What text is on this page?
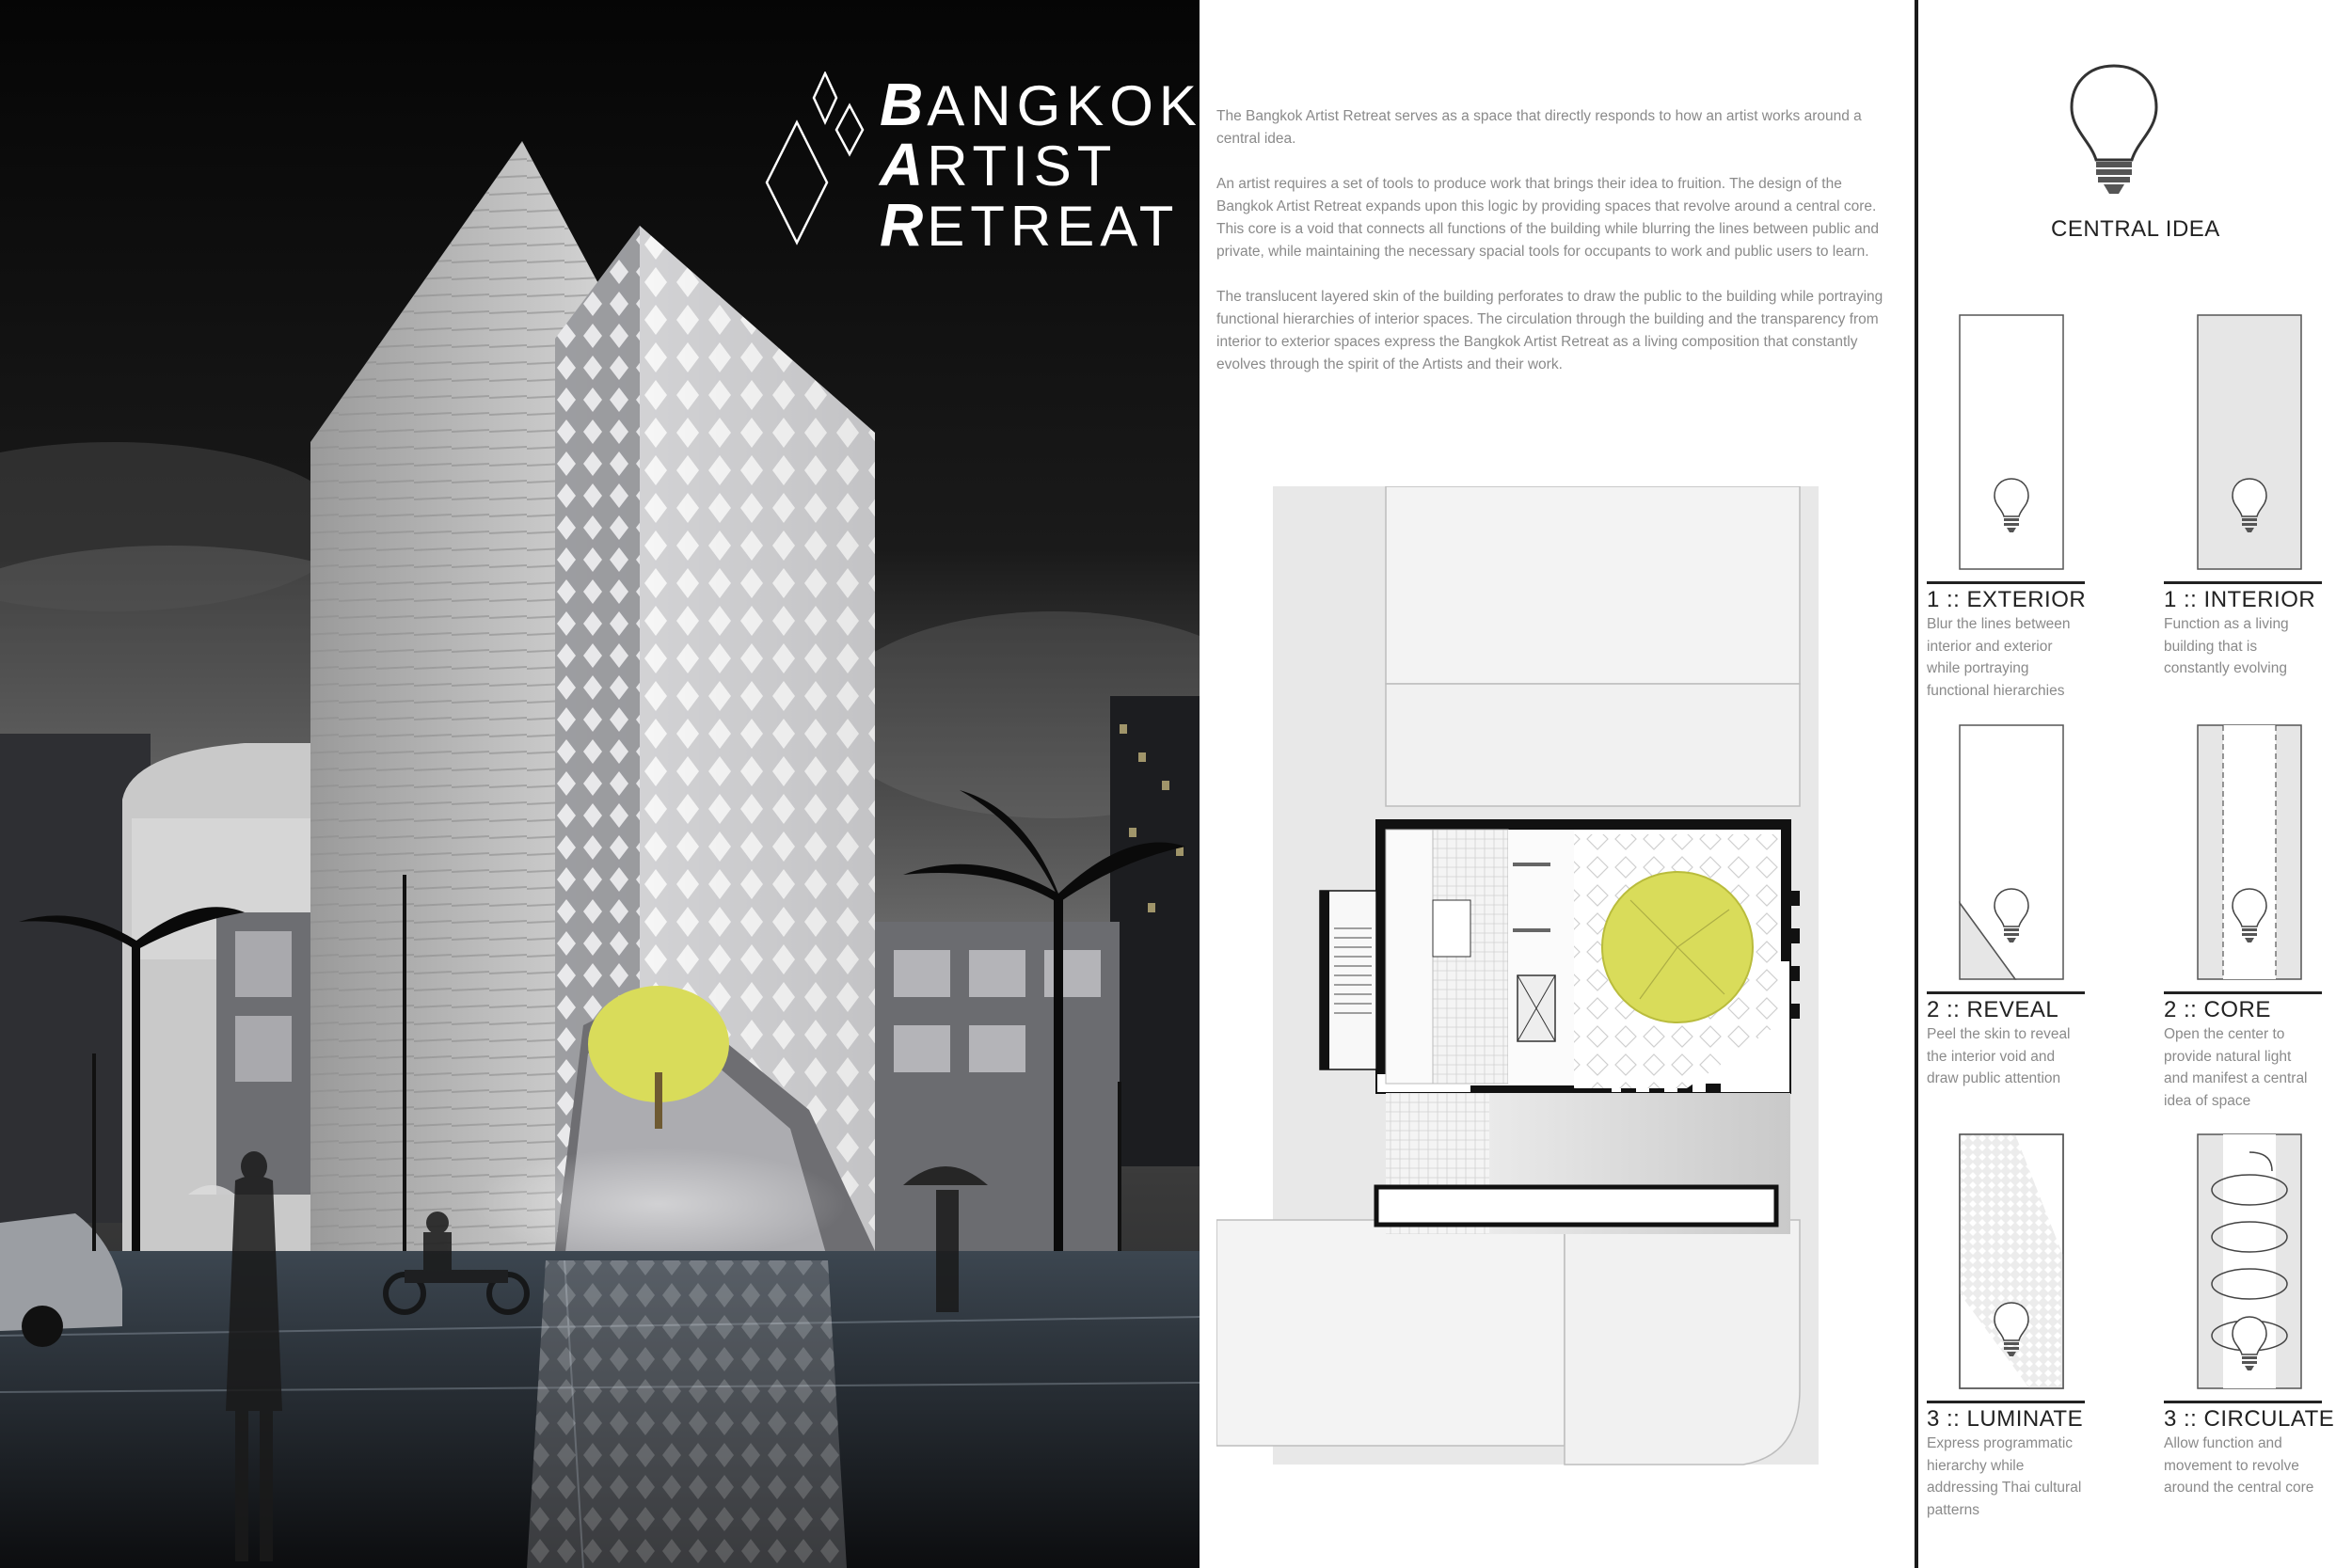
BANGKOK
ARTIST
RETREAT

The Bangkok Artist Retreat serves as a space that directly responds to how an artist works around a central idea.

An artist requires a set of tools to produce work that brings their idea to fruition. The design of the Bangkok Artist Retreat expands upon this logic by providing spaces that revolve around a central core. This core is a void that connects all functions of the building while blurring the lines between public and private, while maintaining the necessary spacial tools for occupants to work and public users to learn.

The translucent layered skin of the building perforates to draw the public to the building while portraying functional hierarchies of interior spaces. The circulation through the building and the transparency from interior to exterior spaces express the Bangkok Artist Retreat as a living composition that constantly evolves through the spirit of the Artists and their work.

CENTRAL IDEA
1 :: EXTERIOR
Blur the lines between interior and exterior while portraying functional hierarchies
1 :: INTERIOR
Function as a living building that is constantly evolving
2 :: REVEAL
Peel the skin to reveal the interior void and draw public attention
2 :: CORE
Open the center to provide natural light and manifest a central idea of space
3 :: LUMINATE
Express programmatic hierarchy while addressing Thai cultural patterns
3 :: CIRCULATE
Allow function and movement to revolve around the central core
